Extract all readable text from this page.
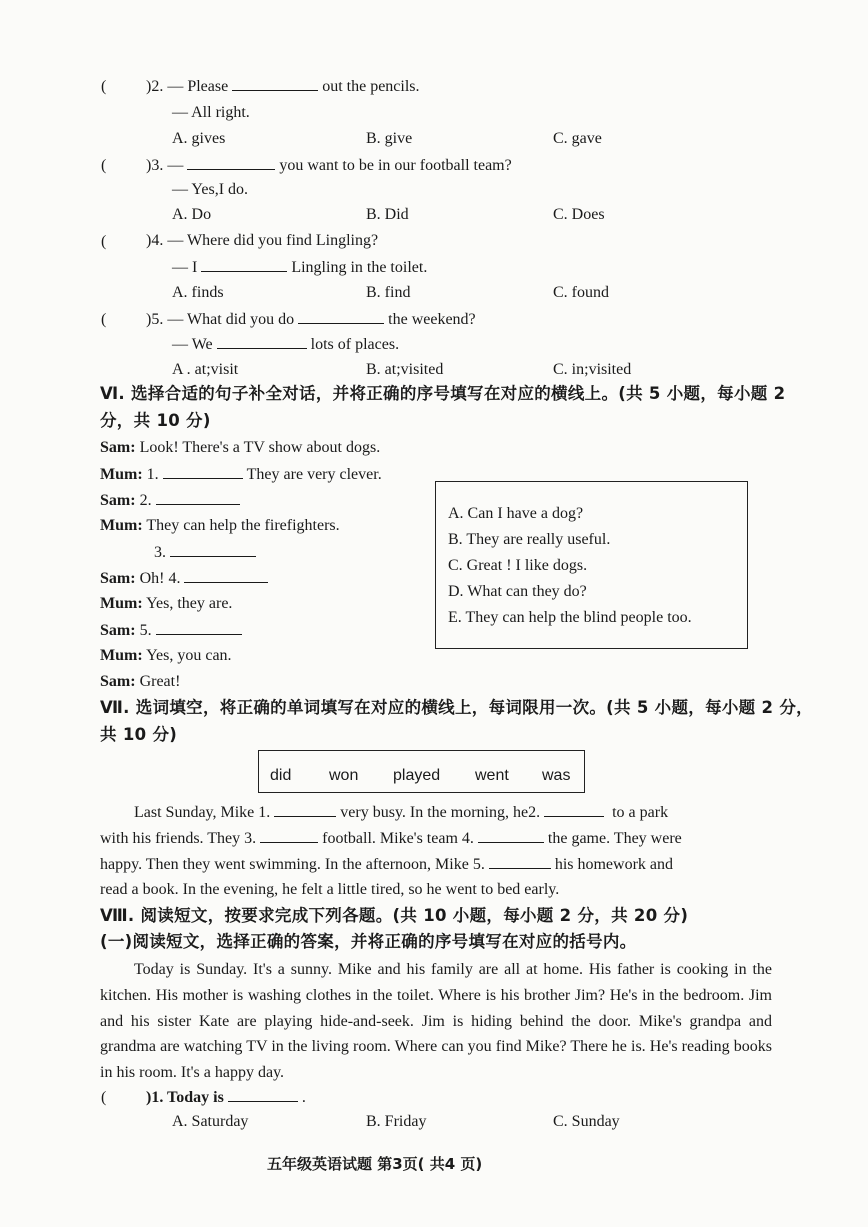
( )2. — Please	out the pencils.
— All right.
A. gives	B. give	C. gave
( )3. —	you want to be in our football team?
— Yes,I do.
A. Do	B. Did	C. Does
( )4. — Where did you find Lingling?
— I	Lingling in the toilet.
A. finds	B. find	C. found
( )5. — What did you do	the weekend?
— We	lots of places.
A . at;visit	B. at;visited	C. in;visited
Ⅵ. 选择合适的句子补全对话，并将正确的序号填写在对应的横线上。(共 5 小题，每小题 2
分，共 10 分)
Sam: Look! There's a TV show about dogs.
Mum: 1.	They are very clever.
Sam: 2.
Mum: They can help the firefighters.
3.
Sam: Oh! 4.
Mum: Yes, they are.
Sam: 5.
Mum: Yes, you can.
Sam: Great!
A. Can I have a dog?
B. They are really useful.
C. Great ! I like dogs.
D. What can they do?
E. They can help the blind people too.
Ⅶ. 选词填空，将正确的单词填写在对应的横线上，每词限用一次。(共 5 小题，每小题 2 分，
共 10 分)
did won played went was
Last Sunday, Mike 1.	very busy. In the morning, he2.	to a park
with his friends. They 3.	football. Mike's team 4.	the game. They were
happy. Then they went swimming. In the afternoon, Mike 5.	his homework and
read a book. In the evening, he felt a little tired, so he went to bed early.
Ⅷ. 阅读短文，按要求完成下列各题。(共 10 小题，每小题 2 分，共 20 分)
(一)阅读短文，选择正确的答案，并将正确的序号填写在对应的括号内。

Today is Sunday. It's a sunny. Mike and his family are all at home. His father is cooking in the kitchen. His mother is washing clothes in the toilet. Where is his brother Jim? He's in the bedroom. Jim and his sister Kate are playing hide-and-seek. Jim is hiding behind the door. Mike's grandpa and grandma are watching TV in the living room. Where can you find Mike? There he is. He's reading books in his room. It's a happy day.

( )1. Today is	.
A. Saturday	B. Friday	C. Sunday
五年级英语试题 第3页( 共4 页)
